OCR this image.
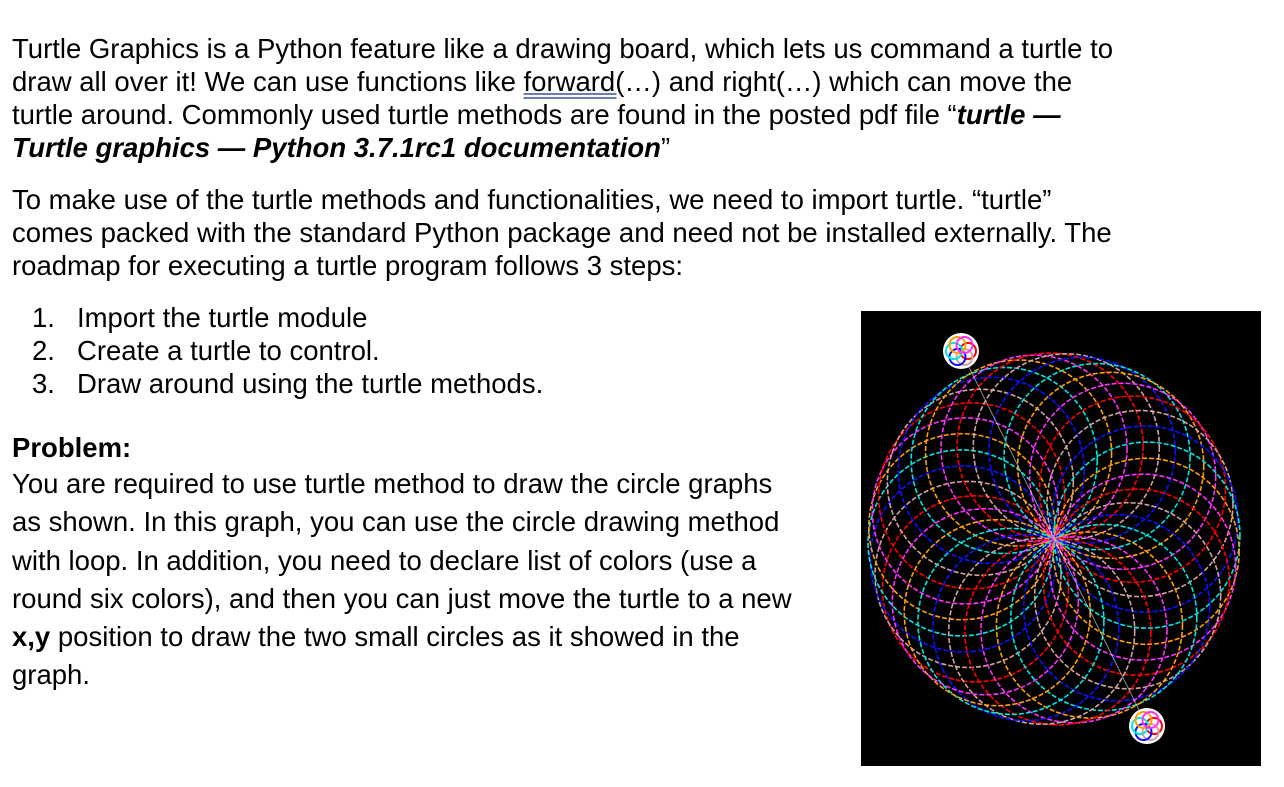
Turtle Graphics is a Python feature like a drawing board, which lets us command a turtle to
draw all over it! We can use functions like forward(…) and right(…) which can move the
turtle around. Commonly used turtle methods are found in the posted pdf file “turtle —
Turtle graphics — Python 3.7.1rc1 documentation”

To make use of the turtle methods and functionalities, we need to import turtle. “turtle”
comes packed with the standard Python package and need not be installed externally. The
roadmap for executing a turtle program follows 3 steps:

1. Import the turtle module
2. Create a turtle to control.
3. Draw around using the turtle methods.

Problem:

You are required to use turtle method to draw the circle graphs
as shown. In this graph, you can use the circle drawing method
with loop. In addition, you need to declare list of colors (use a
round six colors), and then you can just move the turtle to a new
x,y position to draw the two small circles as it showed in the
graph.
